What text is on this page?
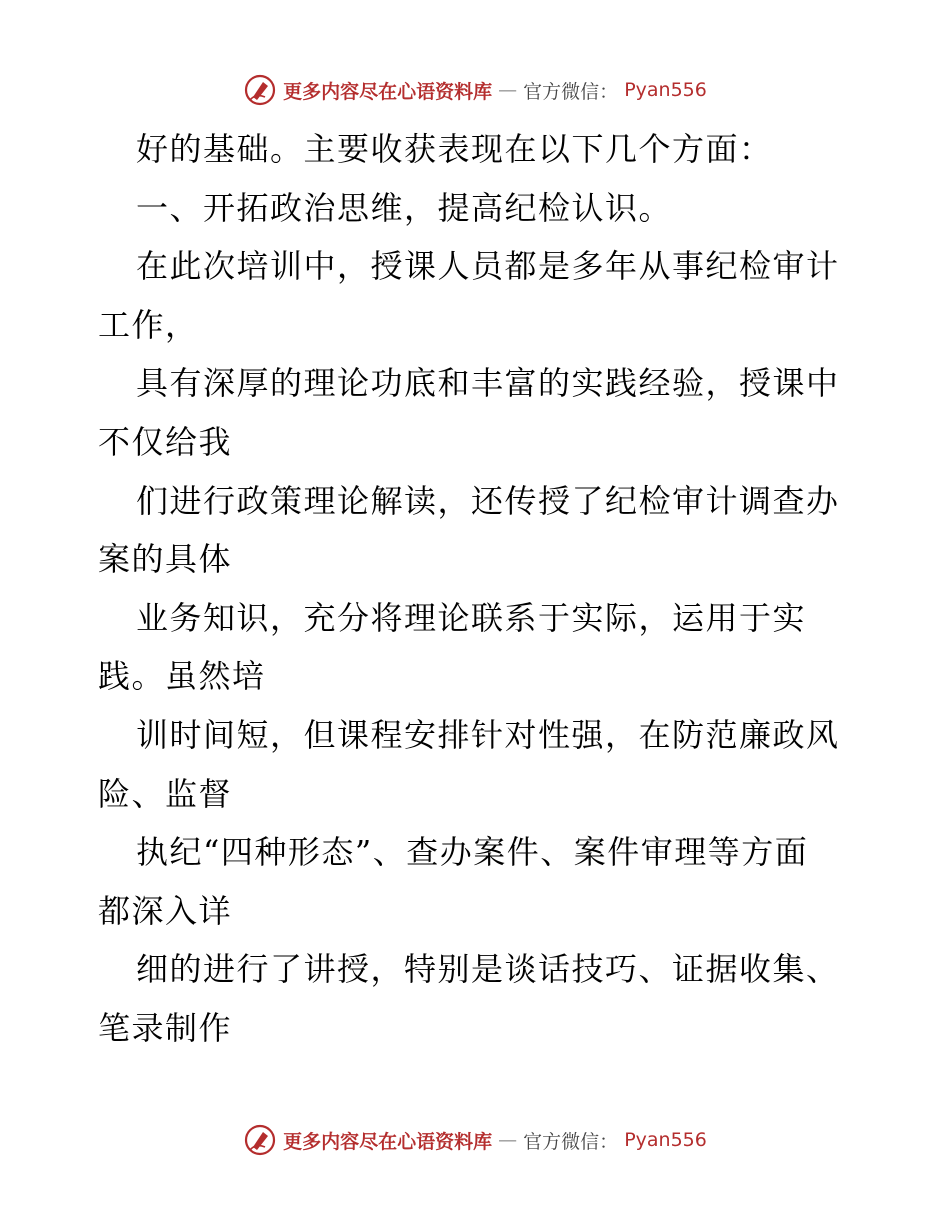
更多内容尽在心语资料库 — 官方微信： Pyan556
好的基础。主要收获表现在以下几个方面：
一、开拓政治思维，提高纪检认识。
在此次培训中，授课人员都是多年从事纪检审计
工作，
具有深厚的理论功底和丰富的实践经验，授课中
不仅给我
们进行政策理论解读，还传授了纪检审计调查办
案的具体
业务知识，充分将理论联系于实际，运用于实
践。虽然培
训时间短，但课程安排针对性强，在防范廉政风
险、监督
执纪“四种形态”、查办案件、案件审理等方面
都深入详
细的进行了讲授，特别是谈话技巧、证据收集、
笔录制作
更多内容尽在心语资料库 — 官方微信： Pyan556
